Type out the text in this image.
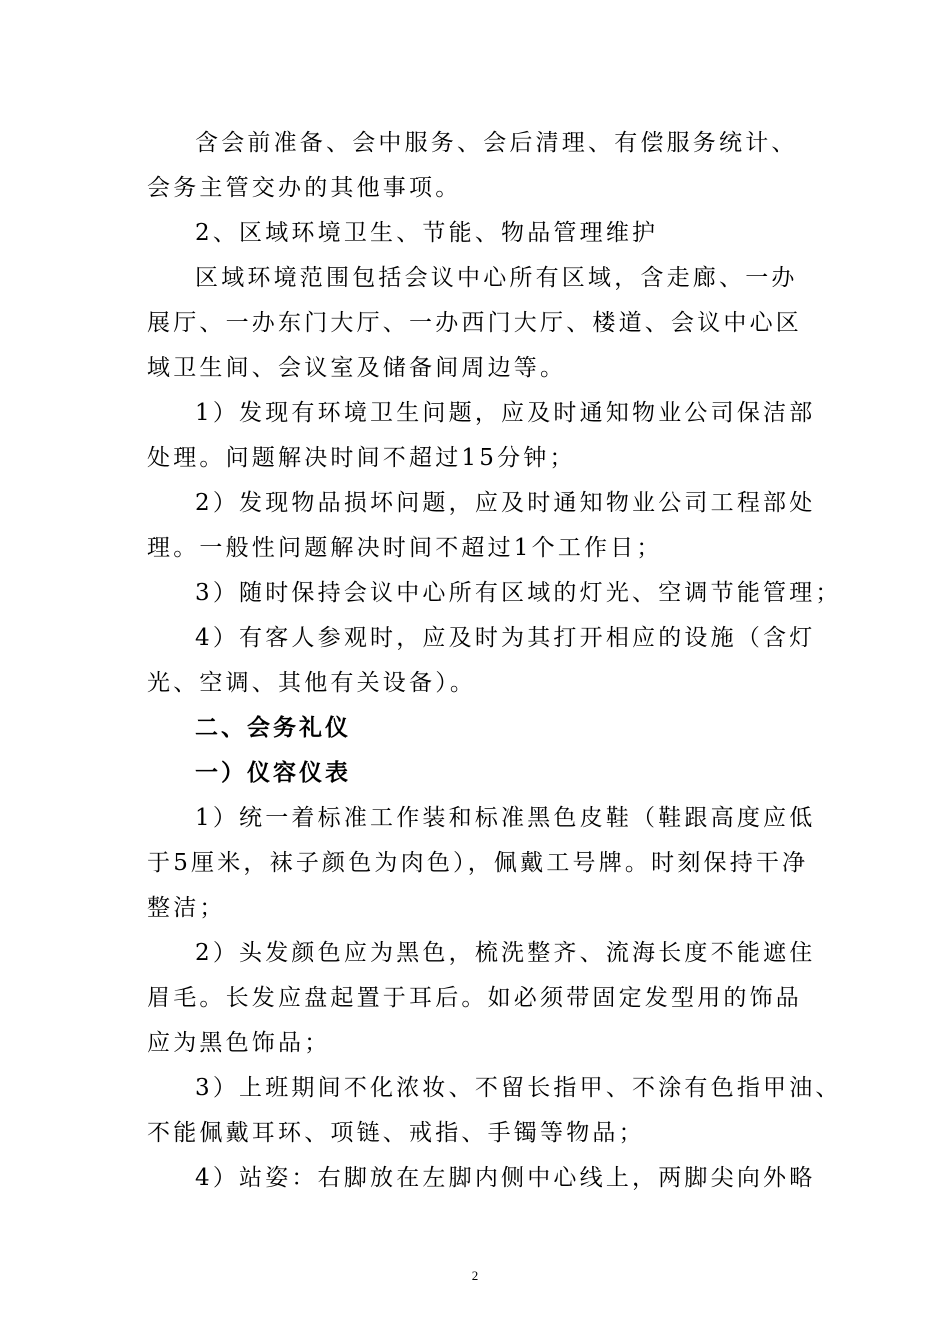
含会前准备、会中服务、会后清理、有偿服务统计、
会务主管交办的其他事项。
2、区域环境卫生、节能、物品管理维护
区域环境范围包括会议中心所有区域，含走廊、一办
展厅、一办东门大厅、一办西门大厅、楼道、会议中心区
域卫生间、会议室及储备间周边等。
1）发现有环境卫生问题，应及时通知物业公司保洁部
处理。问题解决时间不超过15分钟；
2）发现物品损坏问题，应及时通知物业公司工程部处
理。一般性问题解决时间不超过1个工作日；
3）随时保持会议中心所有区域的灯光、空调节能管理；
4）有客人参观时，应及时为其打开相应的设施（含灯
光、空调、其他有关设备）。
二、会务礼仪
一）仪容仪表
1）统一着标准工作装和标准黑色皮鞋（鞋跟高度应低
于5厘米，袜子颜色为肉色），佩戴工号牌。时刻保持干净
整洁；
2）头发颜色应为黑色，梳洗整齐、流海长度不能遮住
眉毛。长发应盘起置于耳后。如必须带固定发型用的饰品
应为黑色饰品；
3）上班期间不化浓妆、不留长指甲、不涂有色指甲油、
不能佩戴耳环、项链、戒指、手镯等物品；
4）站姿：右脚放在左脚内侧中心线上，两脚尖向外略
2
